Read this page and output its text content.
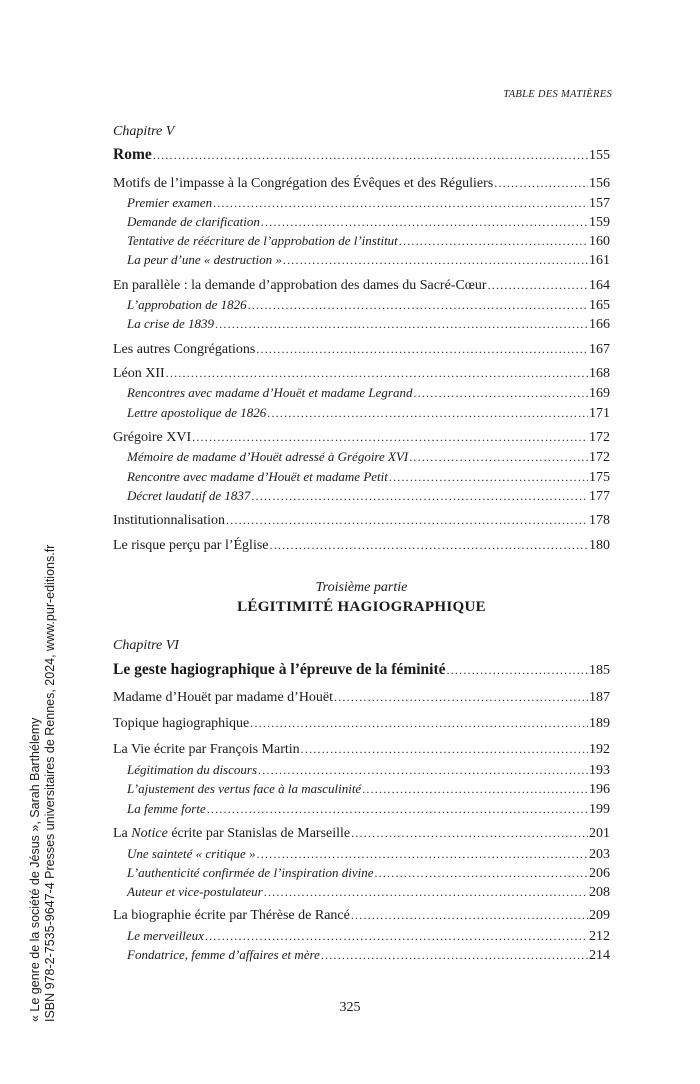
TABLE DES MATIÈRES
Chapitre V
Rome .....	155
Motifs de l’impasse à la Congrégation des Évêques et des Réguliers .....	156
Premier examen .....	157
Demande de clarification .....	159
Tentative de réécriture de l’approbation de l’institut .....	160
La peur d’une « destruction » .....	161
En parallèle : la demande d’approbation des dames du Sacré-Cœur .....	164
L’approbation de 1826 .....	165
La crise de 1839 .....	166
Les autres Congrégations .....	167
Léon XII .....	168
Rencontres avec madame d’Houët et madame Legrand .....	169
Lettre apostolique de 1826 .....	171
Grégoire XVI .....	172
Mémoire de madame d’Houët adressé à Grégoire XVI .....	172
Rencontre avec madame d’Houët et madame Petit .....	175
Décret laudatif de 1837 .....	177
Institutionnalisation .....	178
Le risque perçu par l’Église .....	180
Troisième partie
LÉGITIMITÉ HAGIOGRAPHIQUE
Chapitre VI
Le geste hagiographique à l’épreuve de la féminité .....	185
Madame d’Houët par madame d’Houët .....	187
Topique hagiographique .....	189
La Vie écrite par François Martin .....	192
Légitimation du discours .....	193
L’ajustement des vertus face à la masculinité .....	196
La femme forte .....	199
La Notice écrite par Stanislas de Marseille .....	201
Une sainteté « critique » .....	203
L’authenticité confirmée de l’inspiration divine .....	206
Auteur et vice-postulateur .....	208
La biographie écrite par Thérèse de Rancé .....	209
Le merveilleux .....	212
Fondatrice, femme d’affaires et mère .....	214
325
« Le genre de la société de Jésus », Sarah Barthélemy ISBN 978-2-7535-9647-4 Presses universitaires de Rennes, 2024, www.pur-editions.fr
